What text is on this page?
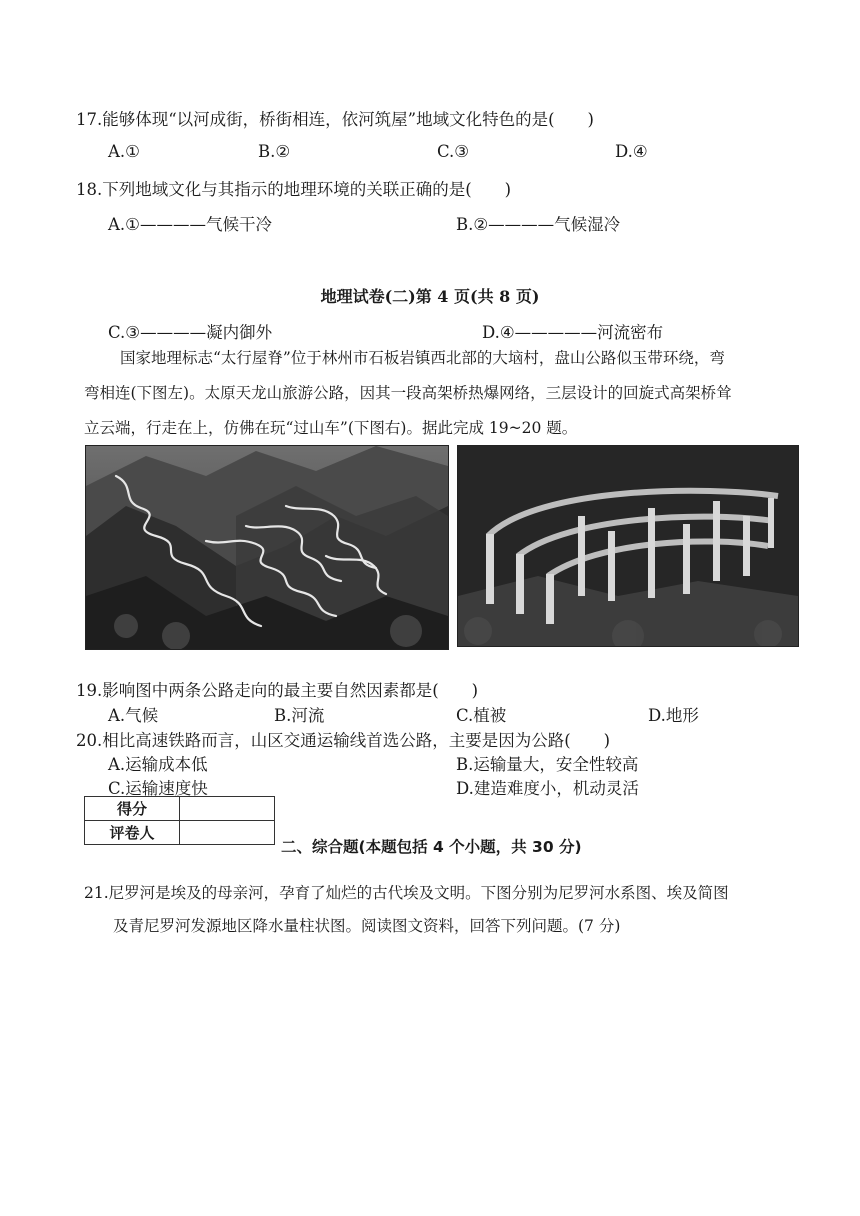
17.能够体现“以河成街，桥街相连，依河筑屋”地域文化特色的是(　　)
A.①	B.②	C.③	D.④
18.下列地域文化与其指示的地理环境的关联正确的是(　　)
A.①————气候干冷	B.②————气候湿冷
地理试卷(二)第 4 页(共 8 页)
C.③————凝内御外	D.④—————河流密布
国家地理标志“太行屋脊”位于林州市石板岩镇西北部的大垴村，盘山公路似玉带环绕，弯
弯相连(下图左)。太原天龙山旅游公路，因其一段高架桥热爆网络，三层设计的回旋式高架桥耸
立云端，行走在上，仿佛在玩“过山车”(下图右)。据此完成 19~20 题。
19.影响图中两条公路走向的最主要自然因素都是(　　)
A.气候	B.河流	C.植被	D.地形
20.相比高速铁路而言，山区交通运输线首选公路，主要是因为公路(　　)
A.运输成本低	B.运输量大，安全性较高
C.运输速度快	D.建造难度小，机动灵活
得分	
评卷人	
二、综合题(本题包括 4 个小题，共 30 分)
21.尼罗河是埃及的母亲河，孕育了灿烂的古代埃及文明。下图分别为尼罗河水系图、埃及简图
及青尼罗河发源地区降水量柱状图。阅读图文资料，回答下列问题。(7 分)
